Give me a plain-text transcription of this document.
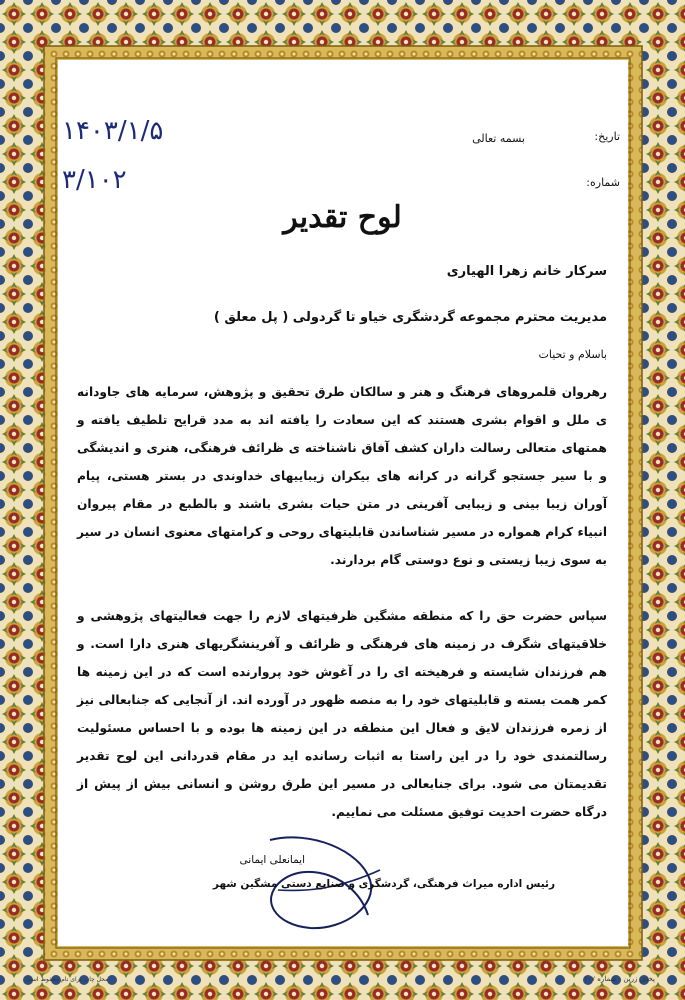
بسمه تعالی	تاریخ:
۱۴۰۳/۱/۵
شماره:
۳/۱۰۲
لوح تقدیر
سرکار خانم زهرا الهیاری
مدیریت محترم مجموعه گردشگری خیاو تا گردولی ( پل معلق )
باسلام و تحیات
رهروان قلمروهای فرهنگ و هنر و سالکان طرق تحقیق و پژوهش، سرمایه های جاودانه ی ملل و اقوام بشری هستند که این سعادت را یافته اند به مدد قرایح تلطیف یافته و همتهای متعالی رسالت داران کشف آفاق ناشناخته ی ظرائف فرهنگی، هنری و اندیشگی و با سیر جستجو گرانه در کرانه های بیکران زیباییهای خداوندی در بستر هستی، پیام آوران زیبا بینی و زیبایی آفرینی در متن حیات بشری باشند و بالطبع در مقام پیروان انبیاء کرام همواره در مسیر شناساندن قابلیتهای روحی و کرامتهای معنوی انسان در سیر به سوی زیبا زیستی و نوع دوستی گام بردارند.
سپاس حضرت حق را که منطقه مشگین ظرفیتهای لازم را جهت فعالیتهای پژوهشی و خلاقیتهای شگرف در زمینه های فرهنگی و ظرائف و آفرینشگریهای هنری دارا است. و هم فرزندان شایسته و فرهیخته ای را در آغوش خود پروارنده است که در این زمینه ها کمر همت بسته و قابلیتهای خود را به منصه ظهور در آورده اند. از آنجایی که جنابعالی نیز از زمره فرزندان لایق و فعال این منطقه در این زمینه ها بوده و با احساس مسئولیت رسالتمندی خود را در این راستا به اثبات رسانده اید در مقام قدردانی این لوح تقدیر تقدیمتان می شود. برای جنابعالی در مسیر این طرق روشن و انسانی بیش از پیش از درگاه حضرت احدیت توفیق مسئلت می نماییم.
ایمانعلی ایمانی
رئیس اداره میراث فرهنگی، گردشگری و صنایع دستی مشگین شهر
محل چاپ برای نام محفوظ است	پخش زرین - شماره ۱۰۷
